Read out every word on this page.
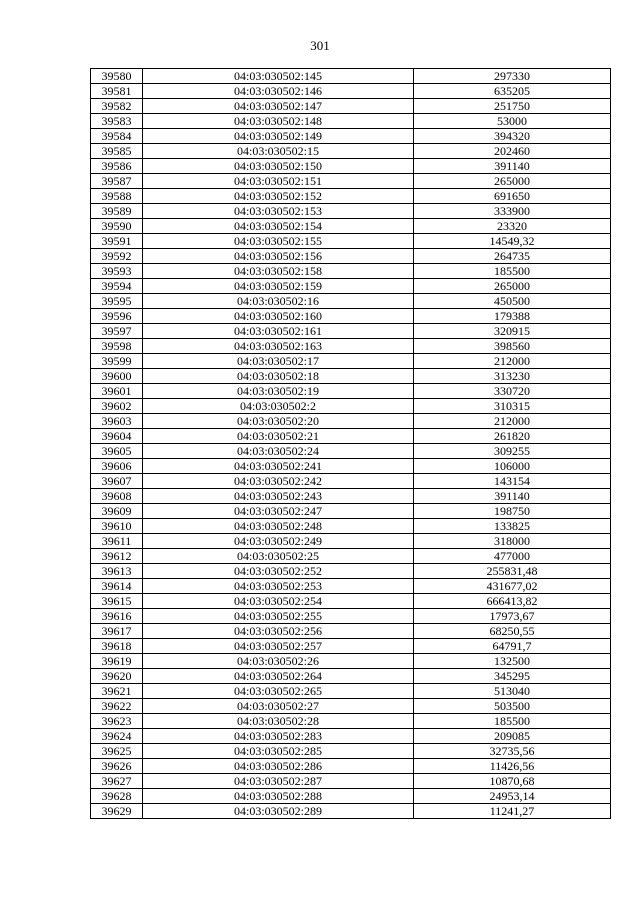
301
39580	04:03:030502:145	297330
39581	04:03:030502:146	635205
39582	04:03:030502:147	251750
39583	04:03:030502:148	53000
39584	04:03:030502:149	394320
39585	04:03:030502:15	202460
39586	04:03:030502:150	391140
39587	04:03:030502:151	265000
39588	04:03:030502:152	691650
39589	04:03:030502:153	333900
39590	04:03:030502:154	23320
39591	04:03:030502:155	14549,32
39592	04:03:030502:156	264735
39593	04:03:030502:158	185500
39594	04:03:030502:159	265000
39595	04:03:030502:16	450500
39596	04:03:030502:160	179388
39597	04:03:030502:161	320915
39598	04:03:030502:163	398560
39599	04:03:030502:17	212000
39600	04:03:030502:18	313230
39601	04:03:030502:19	330720
39602	04:03:030502:2	310315
39603	04:03:030502:20	212000
39604	04:03:030502:21	261820
39605	04:03:030502:24	309255
39606	04:03:030502:241	106000
39607	04:03:030502:242	143154
39608	04:03:030502:243	391140
39609	04:03:030502:247	198750
39610	04:03:030502:248	133825
39611	04:03:030502:249	318000
39612	04:03:030502:25	477000
39613	04:03:030502:252	255831,48
39614	04:03:030502:253	431677,02
39615	04:03:030502:254	666413,82
39616	04:03:030502:255	17973,67
39617	04:03:030502:256	68250,55
39618	04:03:030502:257	64791,7
39619	04:03:030502:26	132500
39620	04:03:030502:264	345295
39621	04:03:030502:265	513040
39622	04:03:030502:27	503500
39623	04:03:030502:28	185500
39624	04:03:030502:283	209085
39625	04:03:030502:285	32735,56
39626	04:03:030502:286	11426,56
39627	04:03:030502:287	10870,68
39628	04:03:030502:288	24953,14
39629	04:03:030502:289	11241,27
